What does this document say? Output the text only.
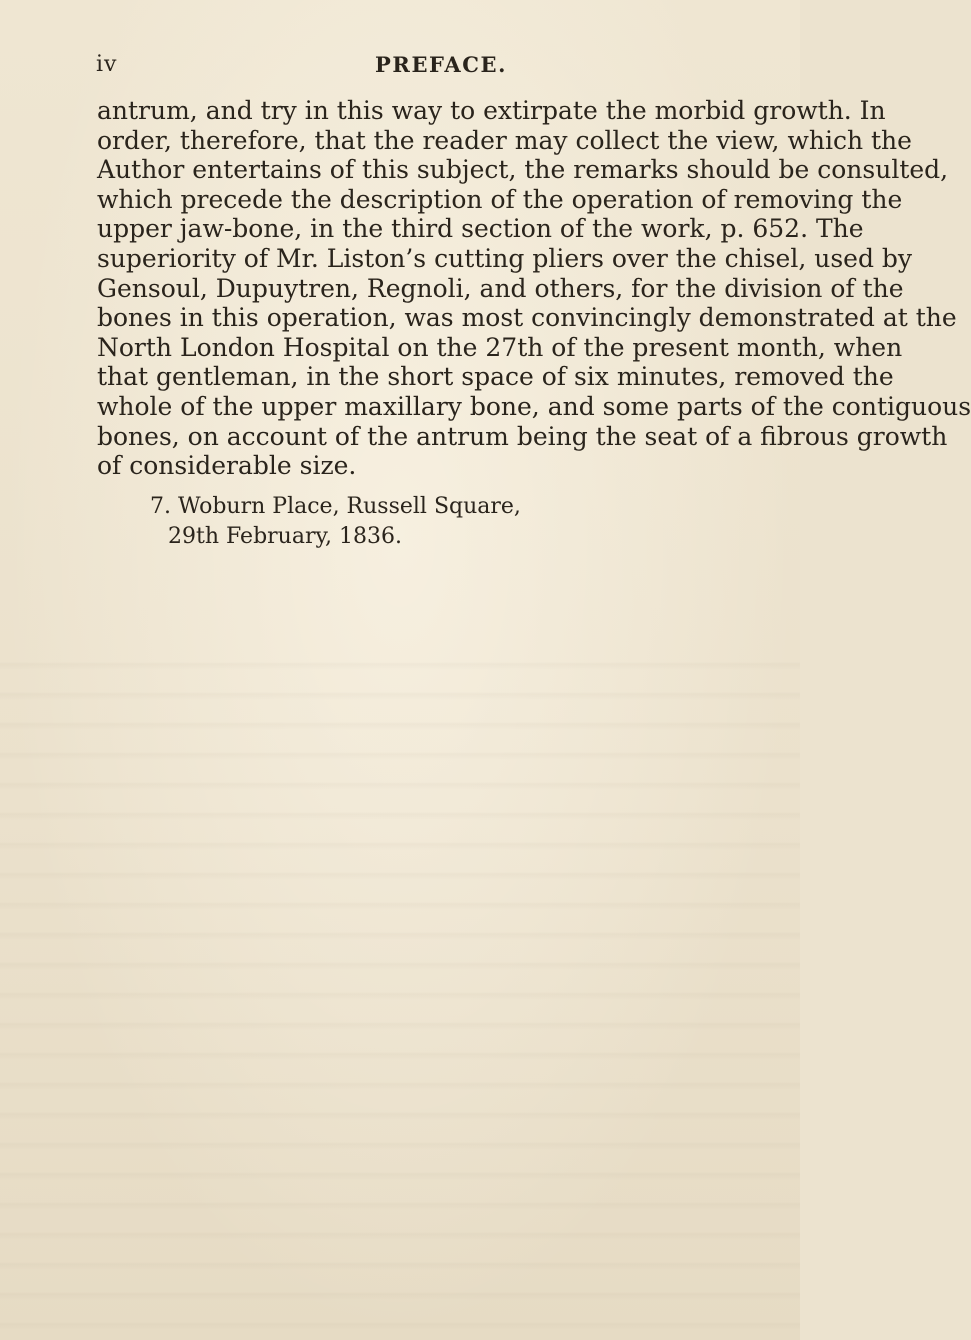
iv	PREFACE.
antrum, and try in this way to extirpate the morbid growth. In
order, therefore, that the reader may collect the view, which the
Author entertains of this subject, the remarks should be consulted,
which precede the description of the operation of removing the
upper jaw-bone, in the third section of the work, p. 652. The
superiority of Mr. Liston’s cutting pliers over the chisel, used by
Gensoul, Dupuytren, Regnoli, and others, for the division of the
bones in this operation, was most convincingly demonstrated at the
North London Hospital on the 27th of the present month, when
that gentleman, in the short space of six minutes, removed the
whole of the upper maxillary bone, and some parts of the contiguous
bones, on account of the antrum being the seat of a fibrous growth
of considerable size.
7. Woburn Place, Russell Square,
29th February, 1836.
